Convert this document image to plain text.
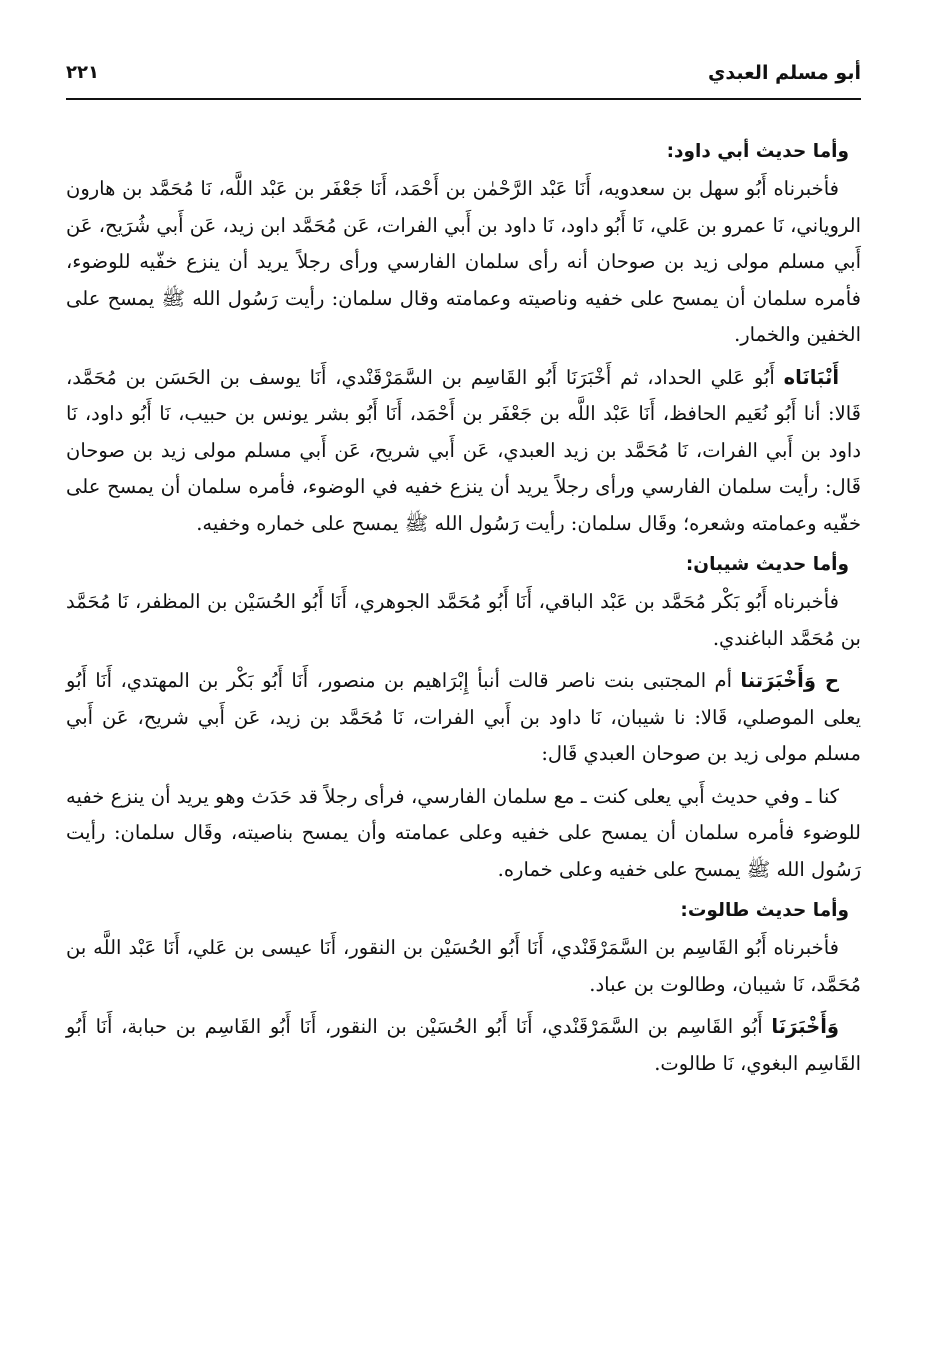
أبو مسلم العبدي
٢٢١
وأما حديث أبي داود:

فأخبرناه أَبُو سهل بن سعدويه، أَنَا عَبْد الرَّحْمٰن بن أَحْمَد، أَنَا جَعْفَر بن عَبْد اللَّه، نَا مُحَمَّد بن هارون الروياني، نَا عمرو بن عَلي، نَا أَبُو داود، نَا داود بن أَبي الفرات، عَن مُحَمَّد ابن زيد، عَن أَبي شُرَيح، عَن أَبي مسلم مولى زيد بن صوحان أنه رأى سلمان الفارسي ورأى رجلاً يريد أن ينزع خفّيه للوضوء، فأمره سلمان أن يمسح على خفيه وناصيته وعمامته وقال سلمان: رأيت رَسُول الله ﷺ يمسح على الخفين والخمار.

أَنْبَانَاه أَبُو عَلي الحداد، ثم أَخْبَرَنَا أَبُو القَاسِم بن السَّمَرْقَنْدي، أَنَا يوسف بن الحَسَن بن مُحَمَّد، قَالا: أنا أَبُو نُعَيم الحافظ، أَنَا عَبْد اللَّه بن جَعْفَر بن أَحْمَد، أَنَا أَبُو بشر يونس بن حبيب، نَا أَبُو داود، نَا داود بن أَبي الفرات، نَا مُحَمَّد بن زيد العبدي، عَن أَبي شريح، عَن أَبي مسلم مولى زيد بن صوحان قَال: رأيت سلمان الفارسي ورأى رجلاً يريد أن ينزع خفيه في الوضوء، فأمره سلمان أن يمسح على خفّيه وعمامته وشعره؛ وقَال سلمان: رأيت رَسُول الله ﷺ يمسح على خماره وخفيه.

وأما حديث شيبان:

فأخبرناه أَبُو بَكْر مُحَمَّد بن عَبْد الباقي، أَنَا أَبُو مُحَمَّد الجوهري، أَنَا أَبُو الحُسَيْن بن المظفر، نَا مُحَمَّد بن مُحَمَّد الباغندي.

ح وَأَخْبَرَتنا أم المجتبى بنت ناصر قالت أنبأ إِبْرَاهيم بن منصور، أَنَا أَبُو بَكْر بن المهتدي، أَنَا أَبُو يعلى الموصلي، قَالا: نا شيبان، نَا داود بن أَبي الفرات، نَا مُحَمَّد بن زيد، عَن أَبي شريح، عَن أَبي مسلم مولى زيد بن صوحان العبدي قَال:

كنا ـ وفي حديث أَبي يعلى كنت ـ مع سلمان الفارسي، فرأى رجلاً قد حَدَث وهو يريد أن ينزع خفيه للوضوء فأمره سلمان أن يمسح على خفيه وعلى عمامته وأن يمسح بناصيته، وقَال سلمان: رأيت رَسُول الله ﷺ يمسح على خفيه وعلى خماره.

وأما حديث طالوت:

فأخبرناه أَبُو القَاسِم بن السَّمَرْقَنْدي، أَنَا أَبُو الحُسَيْن بن النقور، أَنَا عيسى بن عَلي، أَنَا عَبْد اللَّه بن مُحَمَّد، نَا شيبان، وطالوت بن عباد.

وَأَخْبَرَنَا أَبُو القَاسِم بن السَّمَرْقَنْدي، أَنَا أَبُو الحُسَيْن بن النقور، أَنَا أَبُو القَاسِم بن حبابة، أَنَا أَبُو القَاسِم البغوي، نَا طالوت.
